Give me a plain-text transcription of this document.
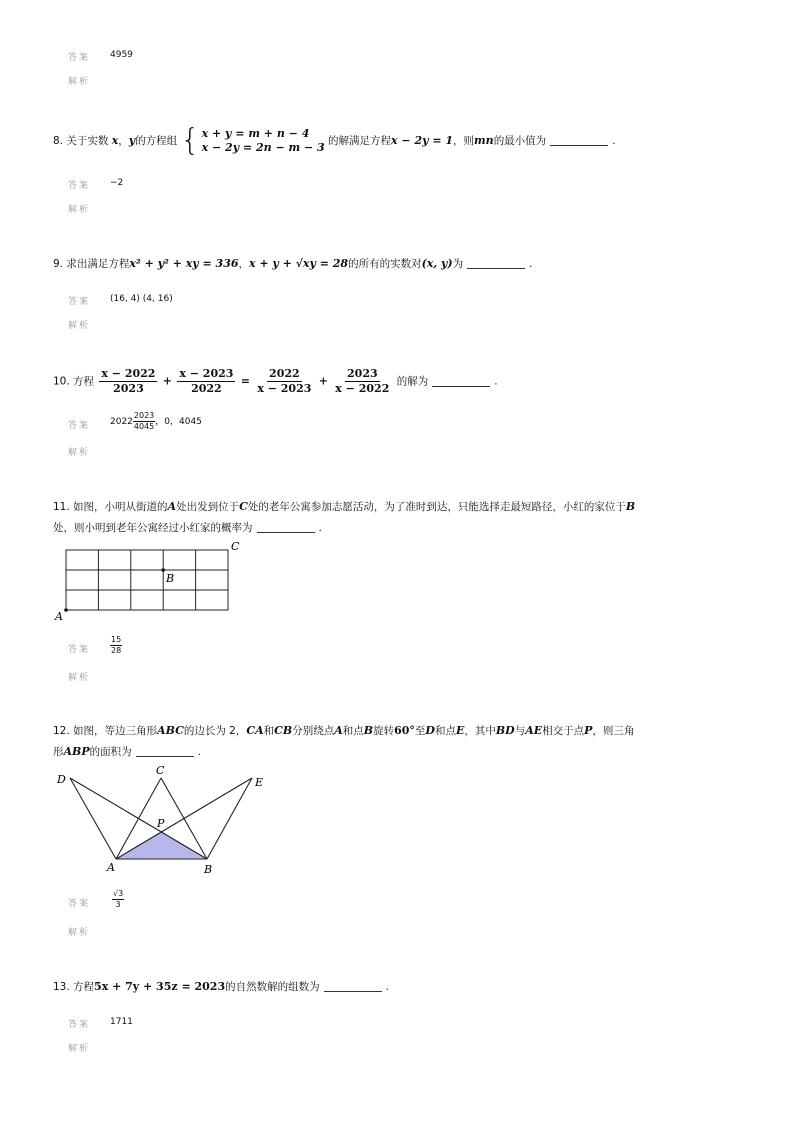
答案 4959
解析
8. 关于实数 x，y的方程组 { x + y = m + n − 4
x − 2y = 2n − m − 3 的解满足方程x − 2y = 1，则mn的最小值为	.
答案 −2
解析
9. 求出满足方程x² + y² + xy = 336，x + y + √xy = 28的所有的实数对(x, y)为	.
答案 (16, 4) (4, 16)
解析
10. 方程 $\frac{x - 2022}{2023} + \frac{x - 2023}{2022} = \frac{2022}{x - 2023} + \frac{2023}{x - 2022}$ 的解为	.
答案 $2022 \frac{2023}{4045}$ ，0，4045
解析
11. 如图，小明从街道的A处出发到位于C处的老年公寓参加志愿活动，为了准时到达，只能选择走最短路径，小红的家位于B
处，则小明到老年公寓经过小红家的概率为	.
A
B
C
答案 $\frac{15}{28}$
解析
12. 如图，等边三角形ABC的边长为 2，CA和CB分别绕点A和点B旋转60°至D和点E，其中BD与AE相交于点P，则三角
形ABP的面积为	.
A	B
C
D	E
P
答案	$\frac{√3}{3}$
解析
13. 方程5x + 7y + 35z = 2023的自然数解的组数为	.
答案 1711
解析
